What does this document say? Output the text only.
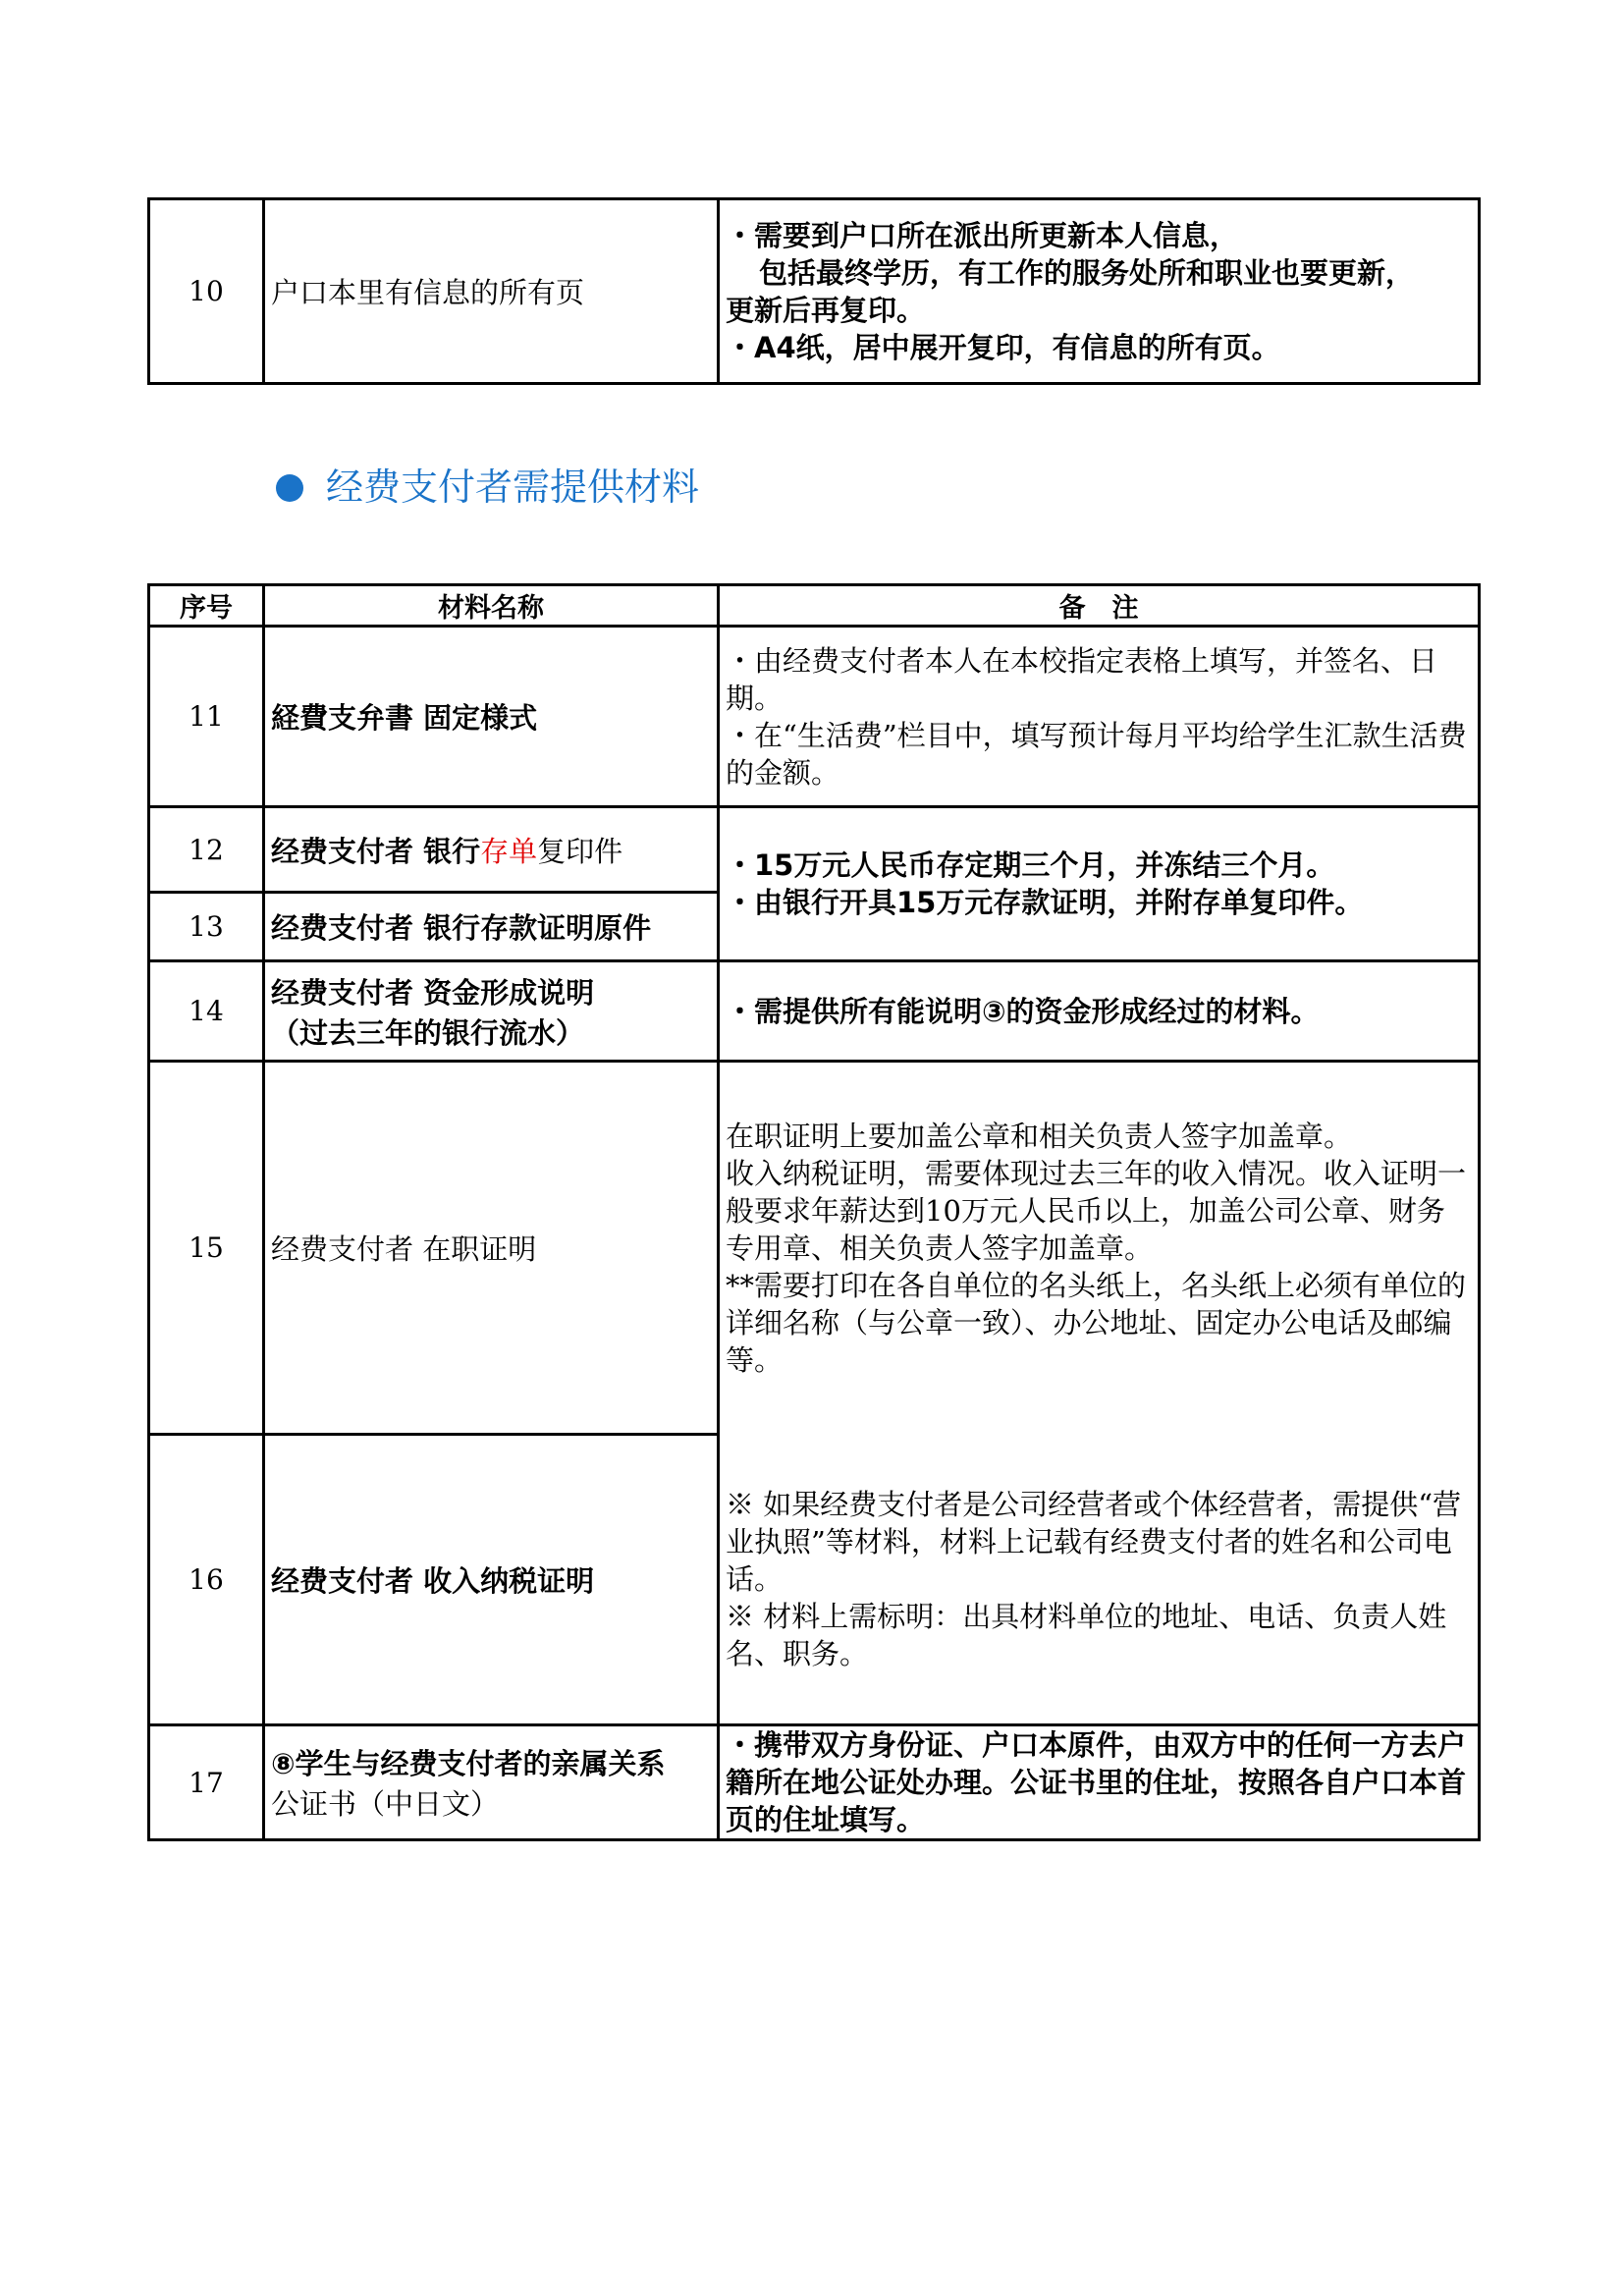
10	户口本里有信息的所有页	
・需要到户口所在派出所更新本人信息，
包括最终学历，有工作的服务处所和职业也要更新，
更新后再复印。
・A4纸，居中展开复印，有信息的所有页。
经费支付者需提供材料
序号	材料名称	备　注
11	経費支弁書 固定様式	・由经费支付者本人在本校指定表格上填写，并签名、日期。
・在“生活费”栏目中，填写预计每月平均给学生汇款生活费的金额。

12	经费支付者 银行存单复印件	・15万元人民币存定期三个月，并冻结三个月。
・由银行开具15万元存款证明，并附存单复印件。

13	经费支付者 银行存款证明原件	
14	经费支付者 资金形成说明
（过去三年的银行流水）	・需提供所有能说明③的资金形成经过的材料。
15	经费支付者 在职证明	在职证明上要加盖公章和相关负责人签字加盖章。
收入纳税证明，需要体现过去三年的收入情况。收入证明一般要求年薪达到10万元人民币以上，加盖公司公章、财务专用章、相关负责人签字加盖章。
**需要打印在各自单位的名头纸上，名头纸上必须有单位的详细名称（与公章一致）、办公地址、固定办公电话及邮编等。

16	经费支付者 收入纳税证明	※ 如果经费支付者是公司经营者或个体经营者，需提供“营业执照”等材料，材料上记载有经费支付者的姓名和公司电话。
※ 材料上需标明：出具材料单位的地址、电话、负责人姓名、职务。

17	⑧学生与经费支付者的亲属关系
公证书（中日文）	・携带双方身份证、户口本原件，由双方中的任何一方去户籍所在地公证处办理。公证书里的住址，按照各自户口本首页的住址填写。
